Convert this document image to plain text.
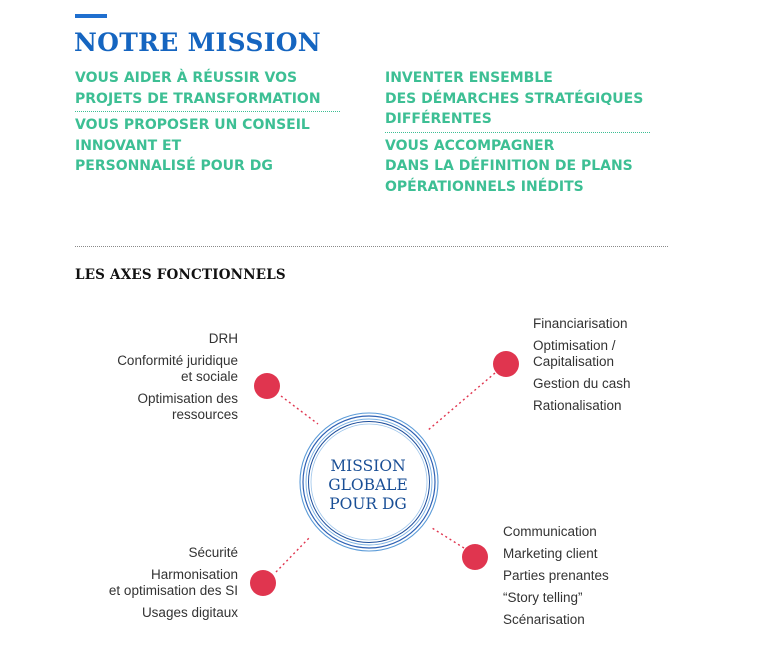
NOTRE MISSION
VOUS AIDER À RÉUSSIR VOS
PROJETS DE TRANSFORMATION
VOUS PROPOSER UN CONSEIL
INNOVANT ET
PERSONNALISÉ POUR DG
INVENTER ENSEMBLE
DES DÉMARCHES STRATÉGIQUES
DIFFÉRENTES
VOUS ACCOMPAGNER
DANS LA DÉFINITION DE PLANS
OPÉRATIONNELS INÉDITS
LES AXES FONCTIONNELS
MISSION
GLOBALE
POUR DG
DRH
Conformité juridique
et sociale
Optimisation des
ressources
Financiarisation
Optimisation /
Capitalisation
Gestion du cash
Rationalisation
Sécurité
Harmonisation
et optimisation des SI
Usages digitaux
Communication
Marketing client
Parties prenantes
“Story telling”
Scénarisation
